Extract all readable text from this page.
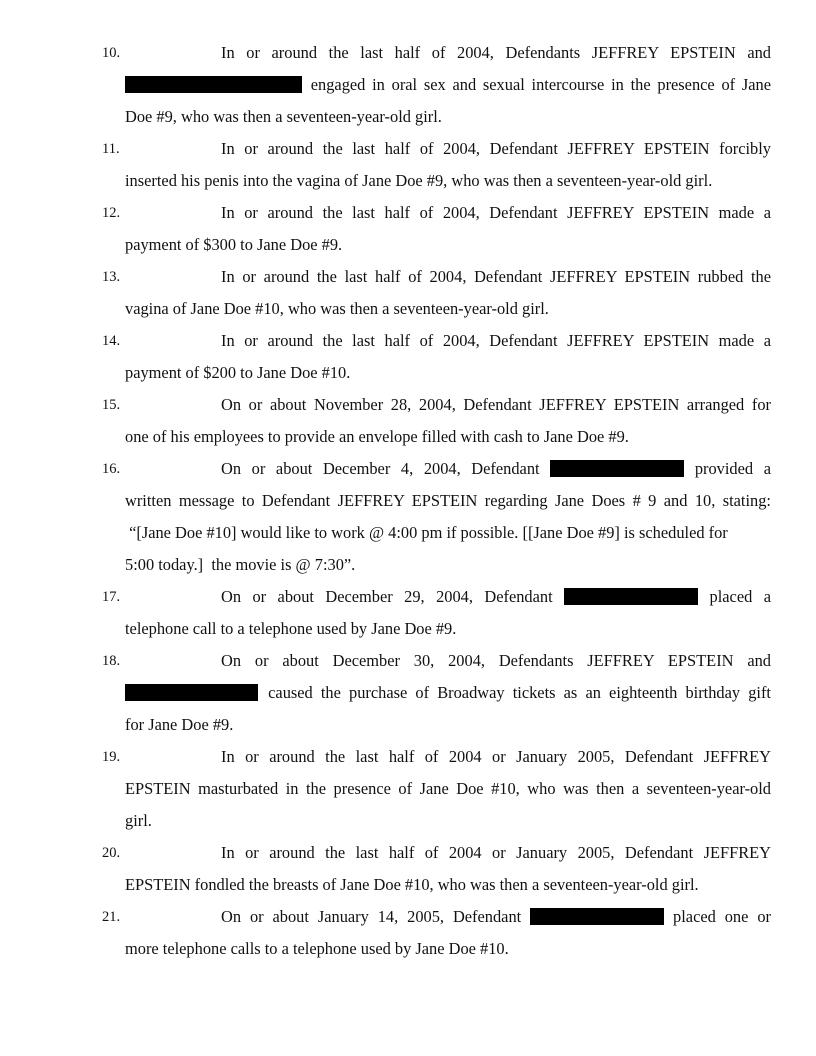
10.	In or around the last half of 2004, Defendants JEFFREY EPSTEIN and
engaged in oral sex and sexual intercourse in the presence of Jane
Doe #9, who was then a seventeen-year-old girl.
11.	In or around the last half of 2004, Defendant JEFFREY EPSTEIN forcibly
inserted his penis into the vagina of Jane Doe #9, who was then a seventeen-year-old girl.
12.	In or around the last half of 2004, Defendant JEFFREY EPSTEIN made a
payment of $300 to Jane Doe #9.
13.	In or around the last half of 2004, Defendant JEFFREY EPSTEIN rubbed the
vagina of Jane Doe #10, who was then a seventeen-year-old girl.
14.	In or around the last half of 2004, Defendant JEFFREY EPSTEIN made a
payment of $200 to Jane Doe #10.
15.	On or about November 28, 2004, Defendant JEFFREY EPSTEIN arranged for
one of his employees to provide an envelope filled with cash to Jane Doe #9.
16.	On or about December 4, 2004, Defendant	provided a
written message to Defendant JEFFREY EPSTEIN regarding Jane Does # 9 and 10, stating:
“[Jane Doe #10] would like to work @ 4:00 pm if possible. [[Jane Doe #9] is scheduled for
5:00 today.]  the movie is @ 7:30”.
17.	On or about December 29, 2004, Defendant	placed a
telephone call to a telephone used by Jane Doe #9.
18.	On or about December 30, 2004, Defendants JEFFREY EPSTEIN and
caused the purchase of Broadway tickets as an eighteenth birthday gift
for Jane Doe #9.
19.	In or around the last half of 2004 or January 2005, Defendant JEFFREY
EPSTEIN masturbated in the presence of Jane Doe #10, who was then a seventeen-year-old
girl.
20.	In or around the last half of 2004 or January 2005, Defendant JEFFREY
EPSTEIN fondled the breasts of Jane Doe #10, who was then a seventeen-year-old girl.
21.	On or about January 14, 2005, Defendant	placed one or
more telephone calls to a telephone used by Jane Doe #10.
